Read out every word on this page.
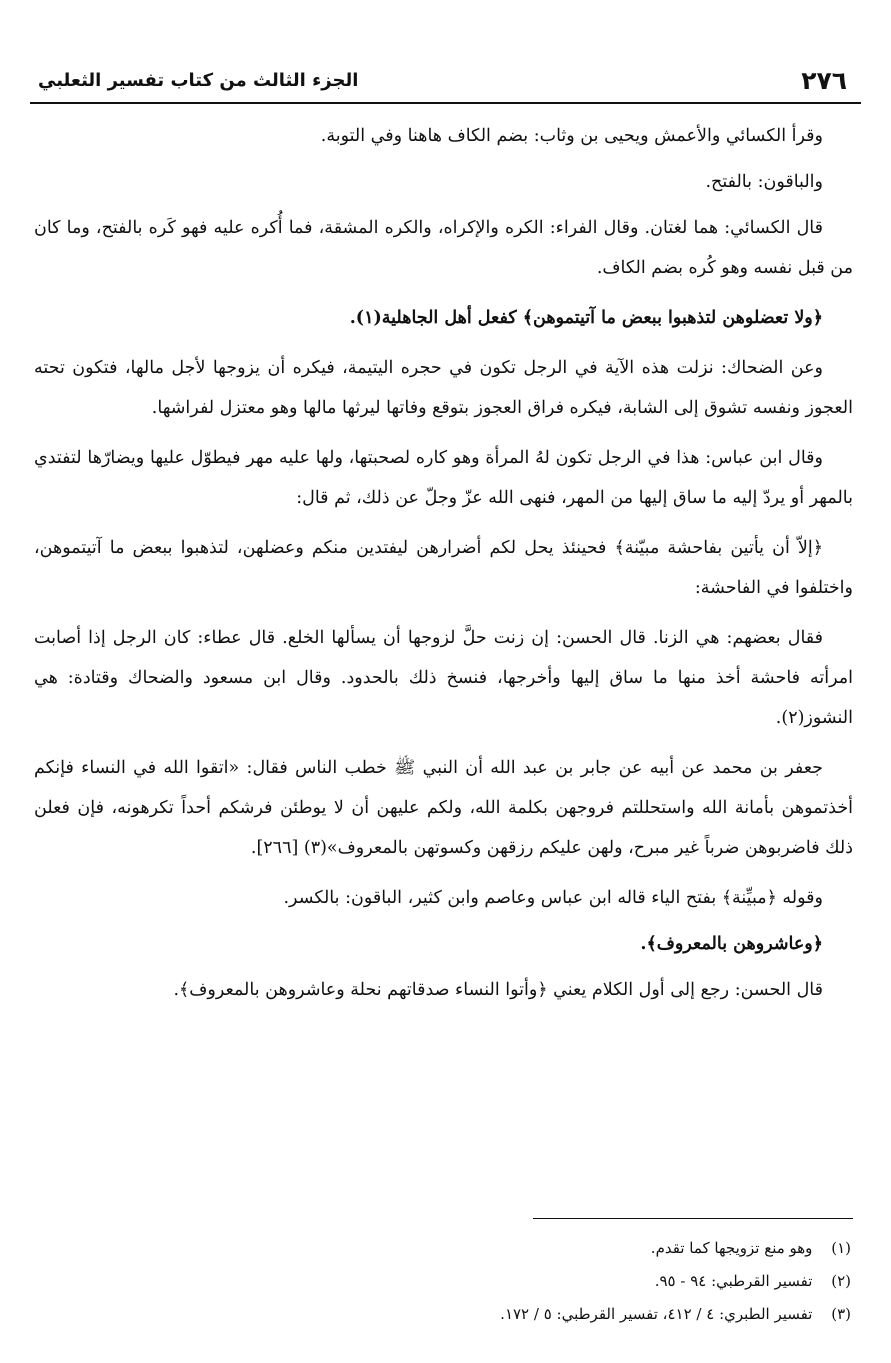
٢٧٦
الجزء الثالث من كتاب تفسير الثعلبي

وقرأ الكسائي والأعمش ويحيى بن وثاب: بضم الكاف هاهنا وفي التوبة.

والباقون: بالفتح.

قال الكسائي: هما لغتان. وقال الفراء: الكره والإكراه، والكره المشقة، فما أُكره عليه فهو كَره بالفتح، وما كان من قبل نفسه وهو كُره بضم الكاف.

﴿ولا تعضلوهن لتذهبوا ببعض ما آتيتموهن﴾ كفعل أهل الجاهلية(١).

وعن الضحاك: نزلت هذه الآية في الرجل تكون في حجره اليتيمة، فيكره أن يزوجها لأجل مالها، فتكون تحته العجوز ونفسه تشوق إلى الشابة، فيكره فراق العجوز بتوقع وفاتها ليرثها مالها وهو معتزل لفراشها.

وقال ابن عباس: هذا في الرجل تكون لهُ المرأة وهو كاره لصحبتها، ولها عليه مهر فيطوّل عليها ويضارّها لتفتدي بالمهر أو يردّ إليه ما ساق إليها من المهر، فنهى الله عزّ وجلّ عن ذلك، ثم قال:

﴿إلاّ أن يأتين بفاحشة مبيّنة﴾ فحينئذ يحل لكم أضرارهن ليفتدين منكم وعضلهن، لتذهبوا ببعض ما آتيتموهن، واختلفوا في الفاحشة:

فقال بعضهم: هي الزنا. قال الحسن: إن زنت حلَّ لزوجها أن يسألها الخلع. قال عطاء: كان الرجل إذا أصابت امرأته فاحشة أخذ منها ما ساق إليها وأخرجها، فنسخ ذلك بالحدود. وقال ابن مسعود والضحاك وقتادة: هي النشوز(٢).

جعفر بن محمد عن أبيه عن جابر بن عبد الله أن النبي ﷺ خطب الناس فقال: «اتقوا الله في النساء فإنكم أخذتموهن بأمانة الله واستحللتم فروجهن بكلمة الله، ولكم عليهن أن لا يوطئن فرشكم أحداً تكرهونه، فإن فعلن ذلك فاضربوهن ضرباً غير مبرح، ولهن عليكم رزقهن وكسوتهن بالمعروف»(٣) [٢٦٦].

وقوله ﴿مبيِّنة﴾ بفتح الياء قاله ابن عباس وعاصم وابن كثير، الباقون: بالكسر.

﴿وعاشروهن بالمعروف﴾.

قال الحسن: رجع إلى أول الكلام يعني ﴿وأتوا النساء صدقاتهم نحلة وعاشروهن بالمعروف﴾.

(١) وهو منع تزويجها كما تقدم.
(٢) تفسير القرطبي: ٩٤ - ٩٥.
(٣) تفسير الطبري: ٤ / ٤١٢، تفسير القرطبي: ٥ / ١٧٢.
